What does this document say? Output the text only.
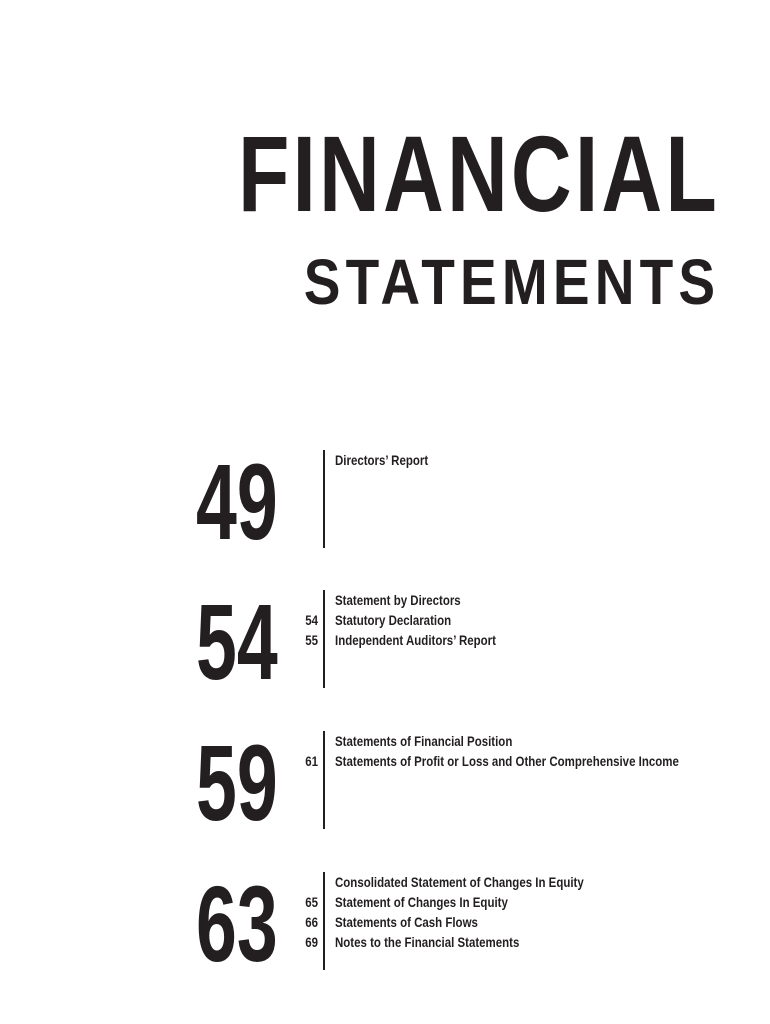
FINANCIAL
STATEMENTS
49	Directors’ Report
54 54
55
Statement by Directors
Statutory Declaration
Independent Auditors’ Report
59 61
Statements of Financial Position
Statements of Profit or Loss and Other Comprehensive Income
63 65
66
69
Consolidated Statement of Changes In Equity
Statement of Changes In Equity
Statements of Cash Flows
Notes to the Financial Statements
